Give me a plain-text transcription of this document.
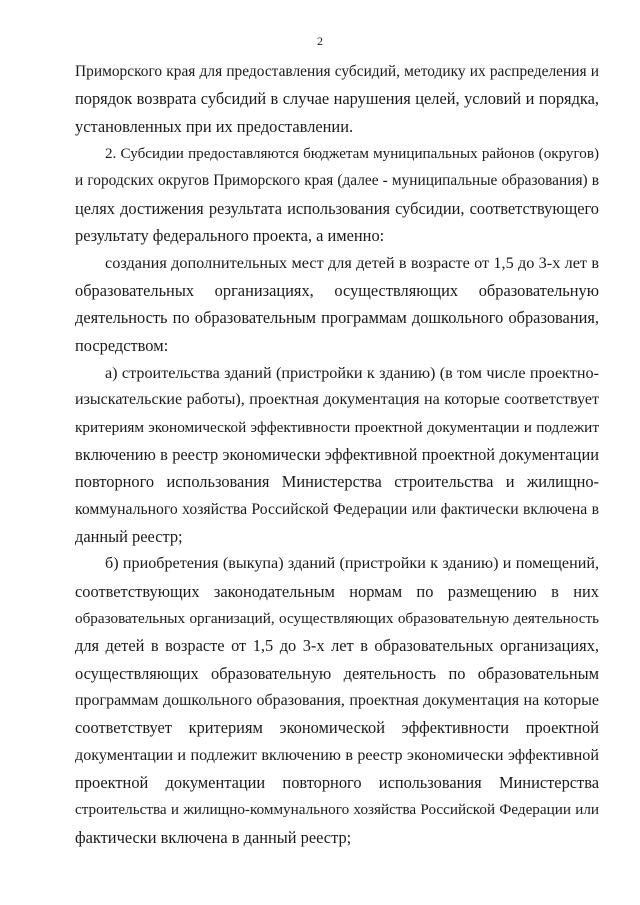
2
Приморского края для предоставления субсидий, методику их распределения и
порядок возврата субсидий в случае нарушения целей, условий и порядка,
установленных при их предоставлении.
2. Субсидии предоставляются бюджетам муниципальных районов (округов)
и городских округов Приморского края (далее - муниципальные образования) в
целях достижения результата использования субсидии, соответствующего
результату федерального проекта, а именно:
создания дополнительных мест для детей в возрасте от 1,5 до 3-х лет в
образовательных организациях, осуществляющих образовательную
деятельность по образовательным программам дошкольного образования,
посредством:
а) строительства зданий (пристройки к зданию) (в том числе проектно-
изыскательские работы), проектная документация на которые соответствует
критериям экономической эффективности проектной документации и подлежит
включению в реестр экономически эффективной проектной документации
повторного использования Министерства строительства и жилищно-
коммунального хозяйства Российской Федерации или фактически включена в
данный реестр;
б) приобретения (выкупа) зданий (пристройки к зданию) и помещений,
соответствующих законодательным нормам по размещению в них
образовательных организаций, осуществляющих образовательную деятельность
для детей в возрасте от 1,5 до 3-х лет в образовательных организациях,
осуществляющих образовательную деятельность по образовательным
программам дошкольного образования, проектная документация на которые
соответствует критериям экономической эффективности проектной
документации и подлежит включению в реестр экономически эффективной
проектной документации повторного использования Министерства
строительства и жилищно-коммунального хозяйства Российской Федерации или
фактически включена в данный реестр;
